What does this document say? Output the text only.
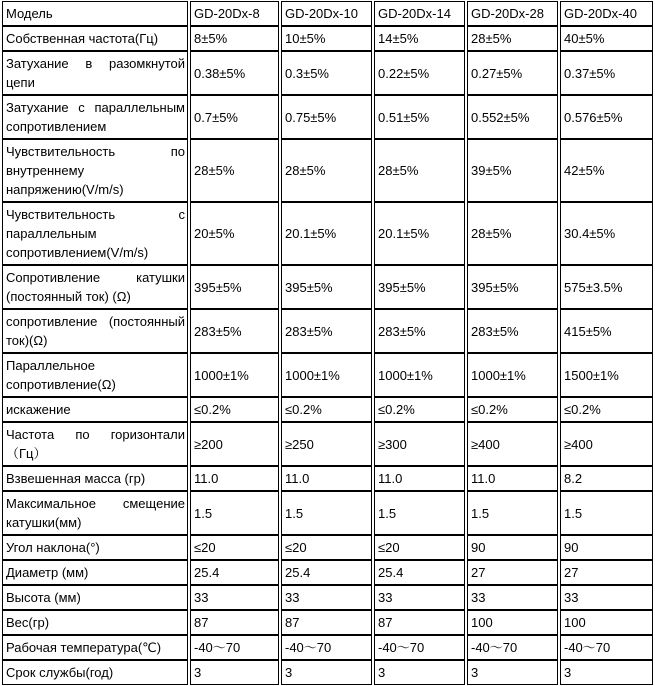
Модель	GD-20Dx-8	GD-20Dx-10	GD-20Dx-14	GD-20Dx-28	GD-20Dx-40
Собственная частота(Гц)	8±5%	10±5%	14±5%	28±5%	40±5%
Затухание в разомкнутой цепи	0.38±5%	0.3±5%	0.22±5%	0.27±5%	0.37±5%
Затухание с параллельным сопротивлением	0.7±5%	0.75±5%	0.51±5%	0.552±5%	0.576±5%
Чувствительность по внутреннему напряжению(V/m/s)	28±5%	28±5%	28±5%	39±5%	42±5%
Чувствительность с параллельным сопротивлением(V/m/s)	20±5%	20.1±5%	20.1±5%	28±5%	30.4±5%
Сопротивление катушки (постоянный ток) (Ω)	395±5%	395±5%	395±5%	395±5%	575±3.5%
сопротивление (постоянный ток)(Ω)	283±5%	283±5%	283±5%	283±5%	415±5%
Параллельное сопротивление(Ω)	1000±1%	1000±1%	1000±1%	1000±1%	1500±1%
искажение	≤0.2%	≤0.2%	≤0.2%	≤0.2%	≤0.2%
Частота по горизонтали （Гц）	≥200	≥250	≥300	≥400	≥400
Взвешенная масса (гр)	11.0	11.0	11.0	11.0	8.2
Максимальное смещение катушки(мм)	1.5	1.5	1.5	1.5	1.5
Угол наклона(°)	≤20	≤20	≤20	90	90
Диаметр (мм)	25.4	25.4	25.4	27	27
Высота (мм)	33	33	33	33	33
Вес(гр)	87	87	87	100	100
Рабочая температура(℃)	-40～70	-40～70	-40～70	-40～70	-40～70
Срок службы(год)	3	3	3	3	3
